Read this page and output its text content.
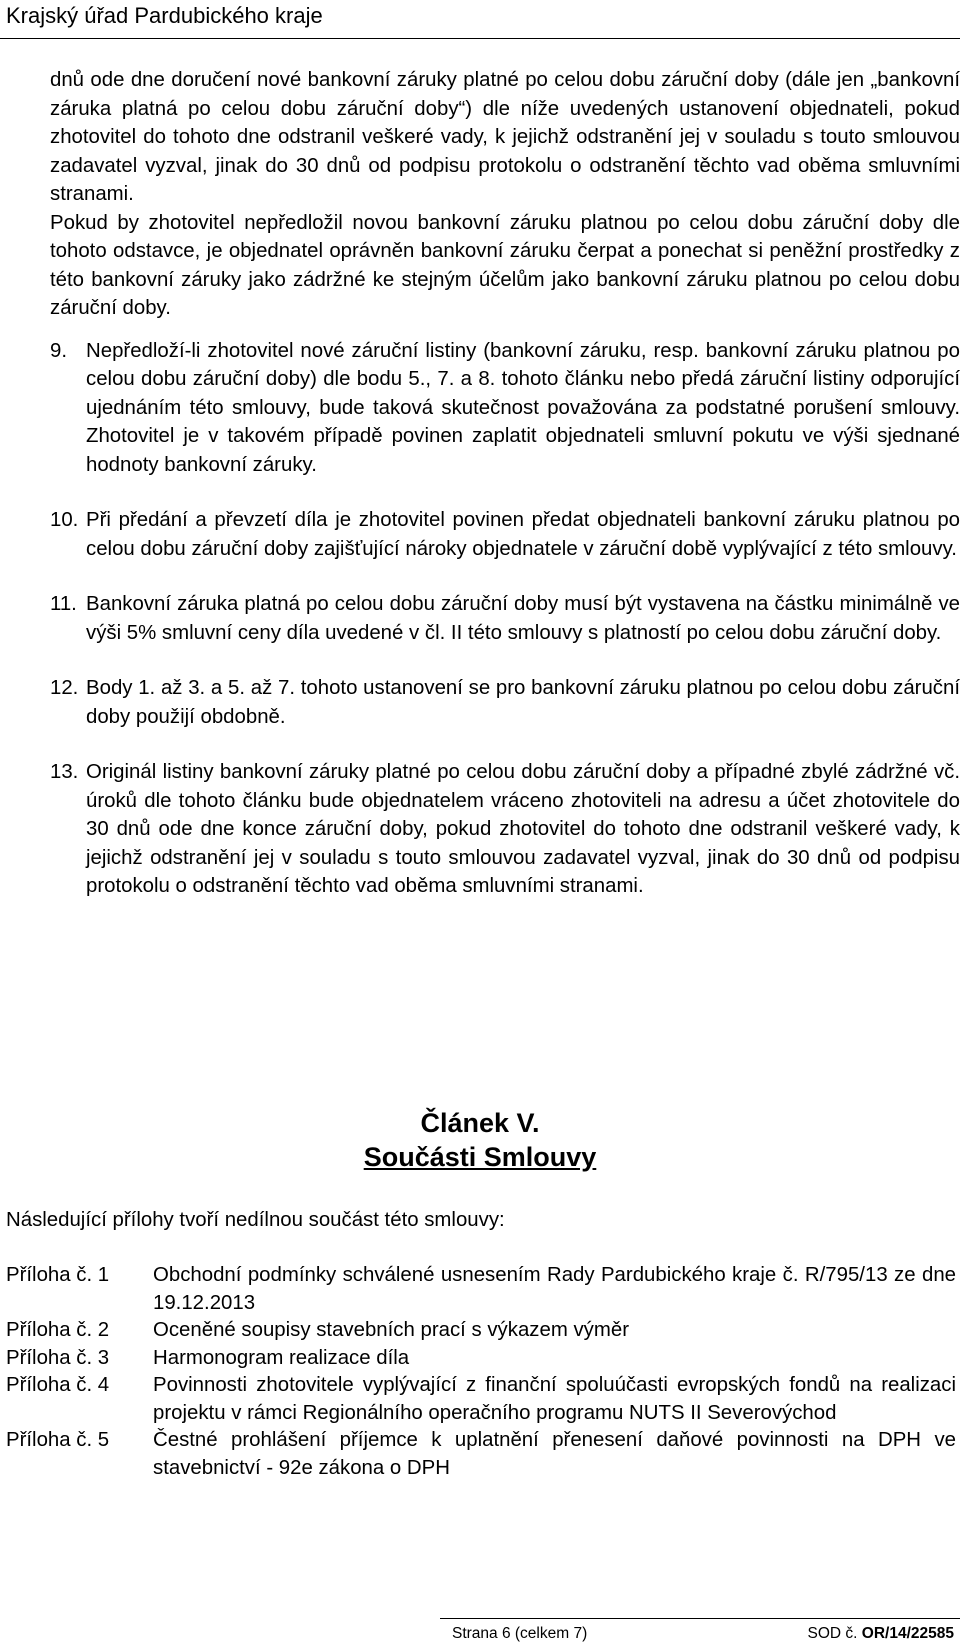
Krajský úřad Pardubického kraje

dnů ode dne doručení nové bankovní záruky platné po celou dobu záruční doby (dále jen „bankovní záruka platná po celou dobu záruční doby“) dle níže uvedených ustanovení objednateli, pokud zhotovitel do tohoto dne odstranil veškeré vady, k jejichž odstranění jej v souladu s touto smlouvou zadavatel vyzval, jinak do 30 dnů od podpisu protokolu o odstranění těchto vad oběma smluvními stranami.

Pokud by zhotovitel nepředložil novou bankovní záruku platnou po celou dobu záruční doby dle tohoto odstavce, je objednatel oprávněn bankovní záruku čerpat a ponechat si peněžní prostředky z této bankovní záruky jako zádržné ke stejným účelům jako bankovní záruku platnou po celou dobu záruční doby.

9. Nepředloží-li zhotovitel nové záruční listiny (bankovní záruku, resp. bankovní záruku platnou po celou dobu záruční doby) dle bodu 5., 7. a 8. tohoto článku nebo předá záruční listiny odporující ujednáním této smlouvy, bude taková skutečnost považována za podstatné porušení smlouvy. Zhotovitel je v takovém případě povinen zaplatit objednateli smluvní pokutu ve výši sjednané hodnoty bankovní záruky.
10. Při předání a převzetí díla je zhotovitel povinen předat objednateli bankovní záruku platnou po celou dobu záruční doby zajišťující nároky objednatele v záruční době vyplývající z této smlouvy.
11. Bankovní záruka platná po celou dobu záruční doby musí být vystavena na částku minimálně ve výši 5% smluvní ceny díla uvedené v čl. II této smlouvy s platností po celou dobu záruční doby.
12. Body 1. až 3. a 5. až 7. tohoto ustanovení se pro bankovní záruku platnou po celou dobu záruční doby použijí obdobně.
13. Originál listiny bankovní záruky platné po celou dobu záruční doby a případné zbylé zádržné vč. úroků dle tohoto článku bude objednatelem vráceno zhotoviteli na adresu a účet zhotovitele do 30 dnů ode dne konce záruční doby, pokud zhotovitel do tohoto dne odstranil veškeré vady, k jejichž odstranění jej v souladu s touto smlouvou zadavatel vyzval, jinak do 30 dnů od podpisu protokolu o odstranění těchto vad oběma smluvními stranami.
Článek V.
Součásti Smlouvy
Následující přílohy tvoří nedílnou součást této smlouvy:
Příloha č. 1	Obchodní podmínky schválené usnesením Rady Pardubického kraje č. R/795/13 ze dne 19.12.2013
Příloha č. 2	Oceněné soupisy stavebních prací s výkazem výměr
Příloha č. 3	Harmonogram realizace díla
Příloha č. 4	Povinnosti zhotovitele vyplývající z finanční spoluúčasti evropských fondů na realizaci projektu v rámci Regionálního operačního programu NUTS II Severovýchod
Příloha č. 5	Čestné prohlášení příjemce k uplatnění přenesení daňové povinnosti na DPH ve stavebnictví - 92e zákona o DPH
Strana 6 (celkem 7)	SOD č. OR/14/22585
